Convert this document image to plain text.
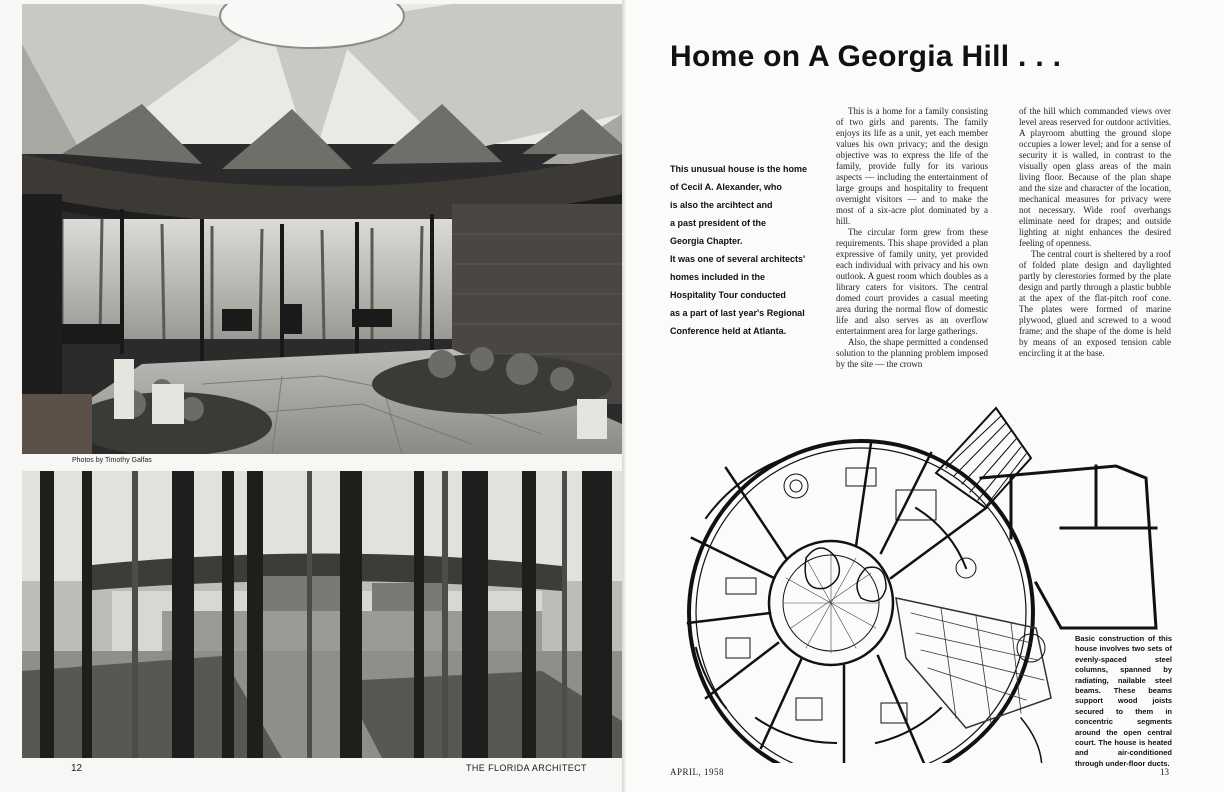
Photos by Timothy Galfas
12	THE FLORIDA ARCHITECT
Home on A Georgia Hill . . .

This unusual house is the home

of Cecil A. Alexander, who

is also the arcihtect and

a past president of the

Georgia Chapter.

It was one of several architects'

homes included in the

Hospitality Tour conducted

as a part of last year's Regional

Conference held at Atlanta.

This is a home for a family consisting of two girls and parents. The family enjoys its life as a unit, yet each member values his own privacy; and the design objective was to express the life of the family, provide fully for its various aspects — including the entertainment of large groups and hospitality to frequent overnight visitors — and to make the most of a six-acre plot dominated by a hill.

The circular form grew from these requirements. This shape provided a plan expressive of family unity, yet provided each individual with privacy and his own outlook. A guest room which doubles as a library caters for visitors. The central domed court provides a casual meeting area during the normal flow of domestic life and also serves as an overflow entertainment area for large gatherings.

Also, the shape permitted a condensed solution to the planning problem imposed by the site — the crown

of the hill which commanded views over level areas reserved for outdoor activities. A playroom abutting the ground slope occupies a lower level; and for a sense of security it is walled, in contrast to the visually open glass areas of the main living floor. Because of the plan shape and the size and character of the location, mechanical measures for privacy were not necessary. Wide roof overhangs eliminate need for drapes; and outside lighting at night enhances the desired feeling of openness.

The central court is sheltered by a roof of folded plate design and daylighted partly by clerestories formed by the plate design and partly through a plastic bubble at the apex of the flat-pitch roof cone. The plates were formed of marine plywood, glued and screwed to a wood frame; and the shape of the dome is held by means of an exposed tension cable encircling it at the base.

Basic construction of this house involves two sets of evenly-spaced steel columns, spanned by radiating, nailable steel beams. These beams support wood joists secured to them in concentric segments around the open central court. The house is heated and air-conditioned through under-floor ducts.
APRIL, 1958	13
